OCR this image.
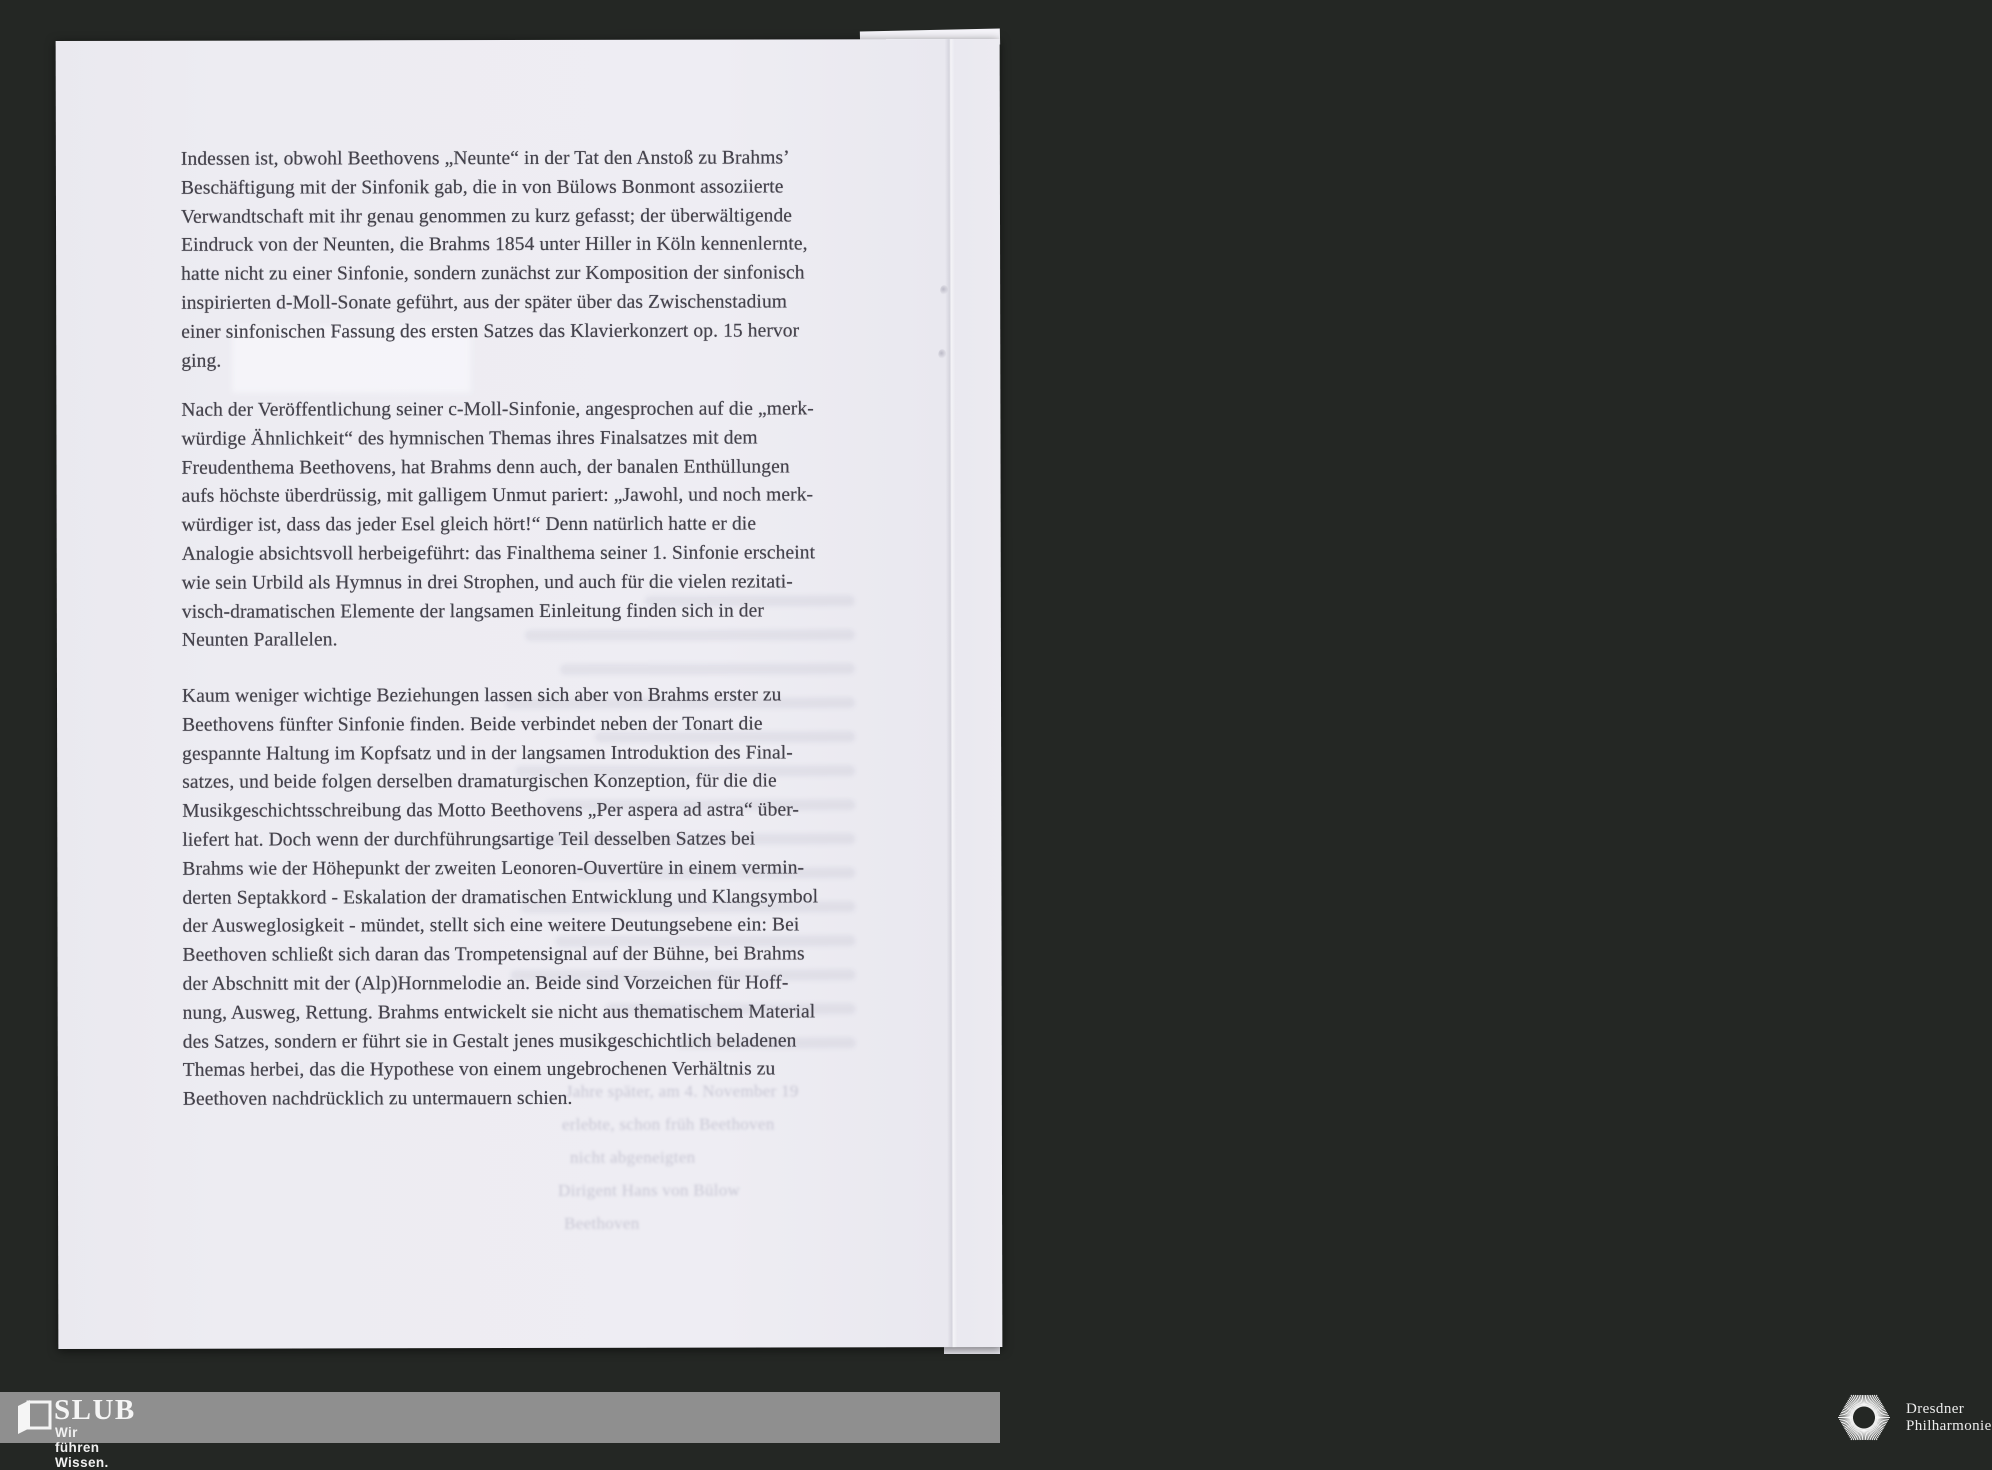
Jahre später, am 4. November 19
erlebte, schon früh Beethoven
nicht abgeneigten
Dirigent Hans von Bülow
Beethoven
Indessen ist, obwohl Beethovens „Neunte“ in der Tat den Anstoß zu Brahms’
Beschäftigung mit der Sinfonik gab, die in von Bülows Bonmont assoziierte
Verwandtschaft mit ihr genau genommen zu kurz gefasst; der überwältigende
Eindruck von der Neunten, die Brahms 1854 unter Hiller in Köln kennenlernte,
hatte nicht zu einer Sinfonie, sondern zunächst zur Komposition der sinfonisch
inspirierten d-Moll-Sonate geführt, aus der später über das Zwischenstadium
einer sinfonischen Fassung des ersten Satzes das Klavierkonzert op. 15 hervor
ging.
Nach der Veröffentlichung seiner c-Moll-Sinfonie, angesprochen auf die „merk-
würdige Ähnlichkeit“ des hymnischen Themas ihres Finalsatzes mit dem
Freudenthema Beethovens, hat Brahms denn auch, der banalen Enthüllungen
aufs höchste überdrüssig, mit galligem Unmut pariert: „Jawohl, und noch merk-
würdiger ist, dass das jeder Esel gleich hört!“ Denn natürlich hatte er die
Analogie absichtsvoll herbeigeführt: das Finalthema seiner 1. Sinfonie erscheint
wie sein Urbild als Hymnus in drei Strophen, und auch für die vielen rezitati-
visch-dramatischen Elemente der langsamen Einleitung finden sich in der
Neunten Parallelen.
Kaum weniger wichtige Beziehungen lassen sich aber von Brahms erster zu
Beethovens fünfter Sinfonie finden. Beide verbindet neben der Tonart die
gespannte Haltung im Kopfsatz und in der langsamen Introduktion des Final-
satzes, und beide folgen derselben dramaturgischen Konzeption, für die die
Musikgeschichtsschreibung das Motto Beethovens „Per aspera ad astra“ über-
liefert hat. Doch wenn der durchführungsartige Teil desselben Satzes bei
Brahms wie der Höhepunkt der zweiten Leonoren-Ouvertüre in einem vermin-
derten Septakkord - Eskalation der dramatischen Entwicklung und Klangsymbol
der Ausweglosigkeit - mündet, stellt sich eine weitere Deutungsebene ein: Bei
Beethoven schließt sich daran das Trompetensignal auf der Bühne, bei Brahms
der Abschnitt mit der (Alp)Hornmelodie an. Beide sind Vorzeichen für Hoff-
nung, Ausweg, Rettung. Brahms entwickelt sie nicht aus thematischem Material
des Satzes, sondern er führt sie in Gestalt jenes musikgeschichtlich beladenen
Themas herbei, das die Hypothese von einem ungebrochenen Verhältnis zu
Beethoven nachdrücklich zu untermauern schien.
SLUB
Wir führen Wissen.
Dresdner
Philharmonie
